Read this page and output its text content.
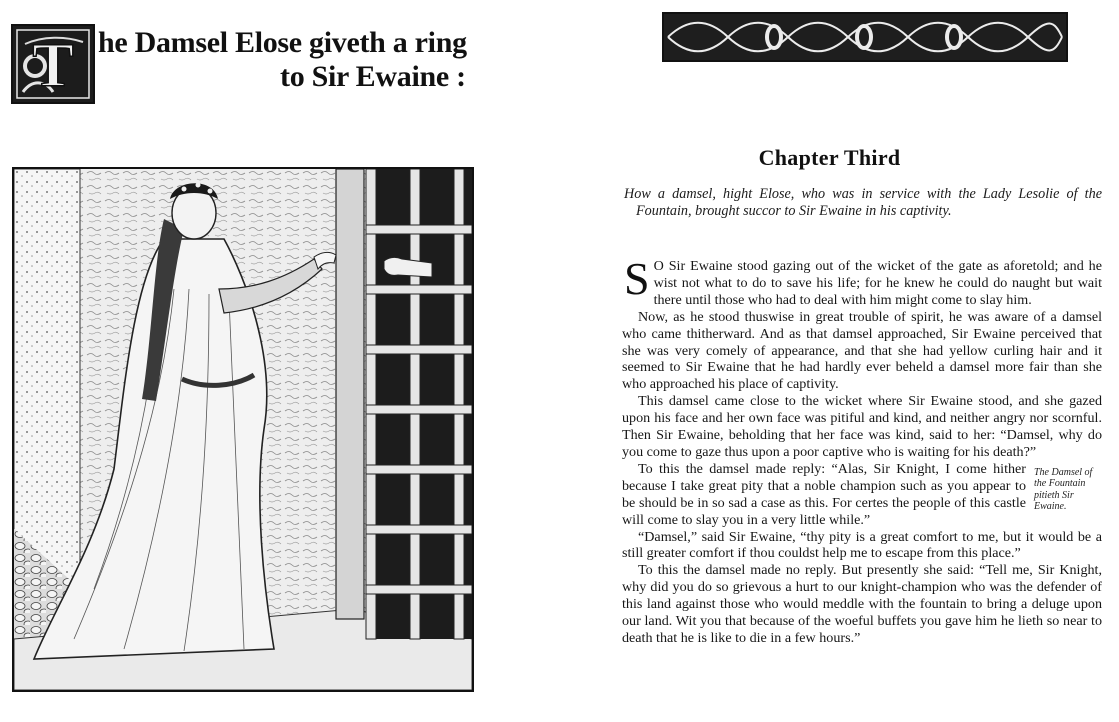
T he Damsel Elose giveth a ring
to Sir Ewaine :
Chapter Third
How a damsel, hight Elose, who was in service with the Lady Lesolie of the Fountain, brought succor to Sir Ewaine in his captivity.

S O Sir Ewaine stood gazing out of the wicket of the gate as aforetold; and he wist not what to do to save his life; for he knew he could do naught but wait there until those who had to deal with him might come to slay him.

Now, as he stood thuswise in great trouble of spirit, he was aware of a damsel who came thitherward. And as that damsel approached, Sir Ewaine perceived that she was very comely of appearance, and that she had yellow curling hair and it seemed to Sir Ewaine that he had hardly ever beheld a damsel more fair than she who approached his place of captivity.

This damsel came close to the wicket where Sir Ewaine stood, and she gazed upon his face and her own face was pitiful and kind, and neither angry nor scornful. Then Sir Ewaine, beholding that her face was kind, said to her: “Damsel, why do you come to gaze thus upon a poor captive who is waiting for his death?”

The Damsel of the Fountain pitieth Sir Ewaine.
To this the damsel made reply: “Alas, Sir Knight, I come hither because I take great pity that a noble champion such as you appear to be should be in so sad a case as this. For certes the people of this castle will come to slay you in a very little while.”

“Damsel,” said Sir Ewaine, “thy pity is a great comfort to me, but it would be a still greater comfort if thou couldst help me to escape from this place.”

To this the damsel made no reply. But presently she said: “Tell me, Sir Knight, why did you do so grievous a hurt to our knight-champion who was the defender of this land against those who would meddle with the fountain to bring a deluge upon our land. Wit you that because of the woeful buffets you gave him he lieth so near to death that he is like to die in a few hours.”
